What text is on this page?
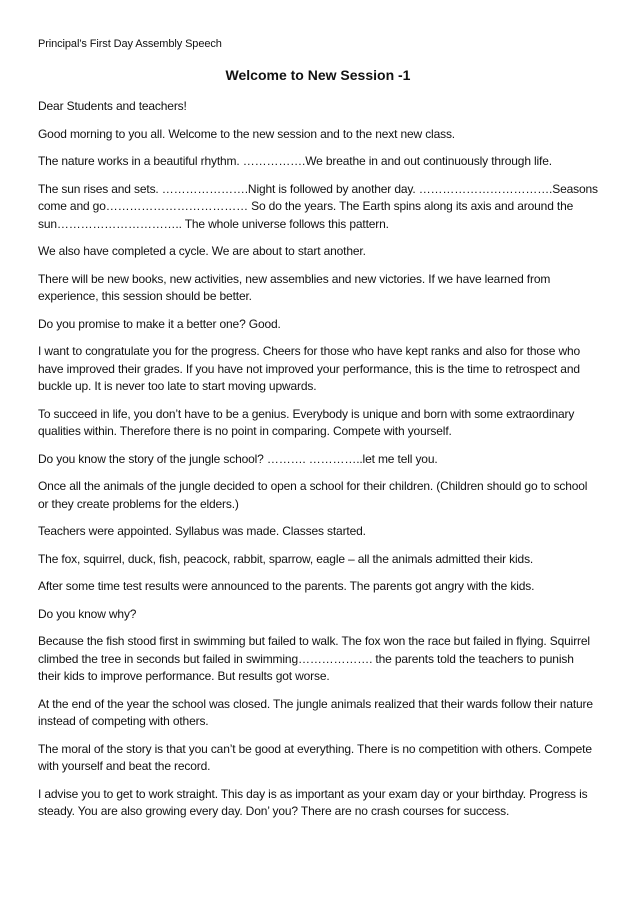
Principal’s First Day Assembly Speech
Welcome to New Session -1

Dear Students and teachers!

Good morning to you all. Welcome to the new session and to the next new class.

The nature works in a beautiful rhythm. …………….We breathe in and out continuously through life.

The sun rises and sets. ………………….Night is followed by another day. …………………………….Seasons come and go……………………………… So do the years. The Earth spins along its axis and around the sun………………………….. The whole universe follows this pattern.

We also have completed a cycle. We are about to start another.

There will be new books, new activities, new assemblies and new victories. If we have learned from experience, this session should be better.

Do you promise to make it a better one? Good.

I want to congratulate you for the progress. Cheers for those who have kept ranks and also for those who have improved their grades. If you have not improved your performance, this is the time to retrospect and buckle up. It is never too late to start moving upwards.

To succeed in life, you don’t have to be a genius. Everybody is unique and born with some extraordinary qualities within. Therefore there is no point in comparing. Compete with yourself.

Do you know the story of the jungle school? ………. …………..let me tell you.

Once all the animals of the jungle decided to open a school for their children. (Children should go to school or they create problems for the elders.)

Teachers were appointed. Syllabus was made. Classes started.

The fox, squirrel, duck, fish, peacock, rabbit, sparrow, eagle – all the animals admitted their kids.

After some time test results were announced to the parents. The parents got angry with the kids.

Do you know why?

Because the fish stood first in swimming but failed to walk. The fox won the race but failed in flying. Squirrel climbed the tree in seconds but failed in swimming………………. the parents told the teachers to punish their kids to improve performance. But results got worse.

At the end of the year the school was closed. The jungle animals realized that their wards follow their nature instead of competing with others.

The moral of the story is that you can’t be good at everything. There is no competition with others. Compete with yourself and beat the record.

I advise you to get to work straight. This day is as important as your exam day or your birthday. Progress is steady. You are also growing every day. Don’ you? There are no crash courses for success.
